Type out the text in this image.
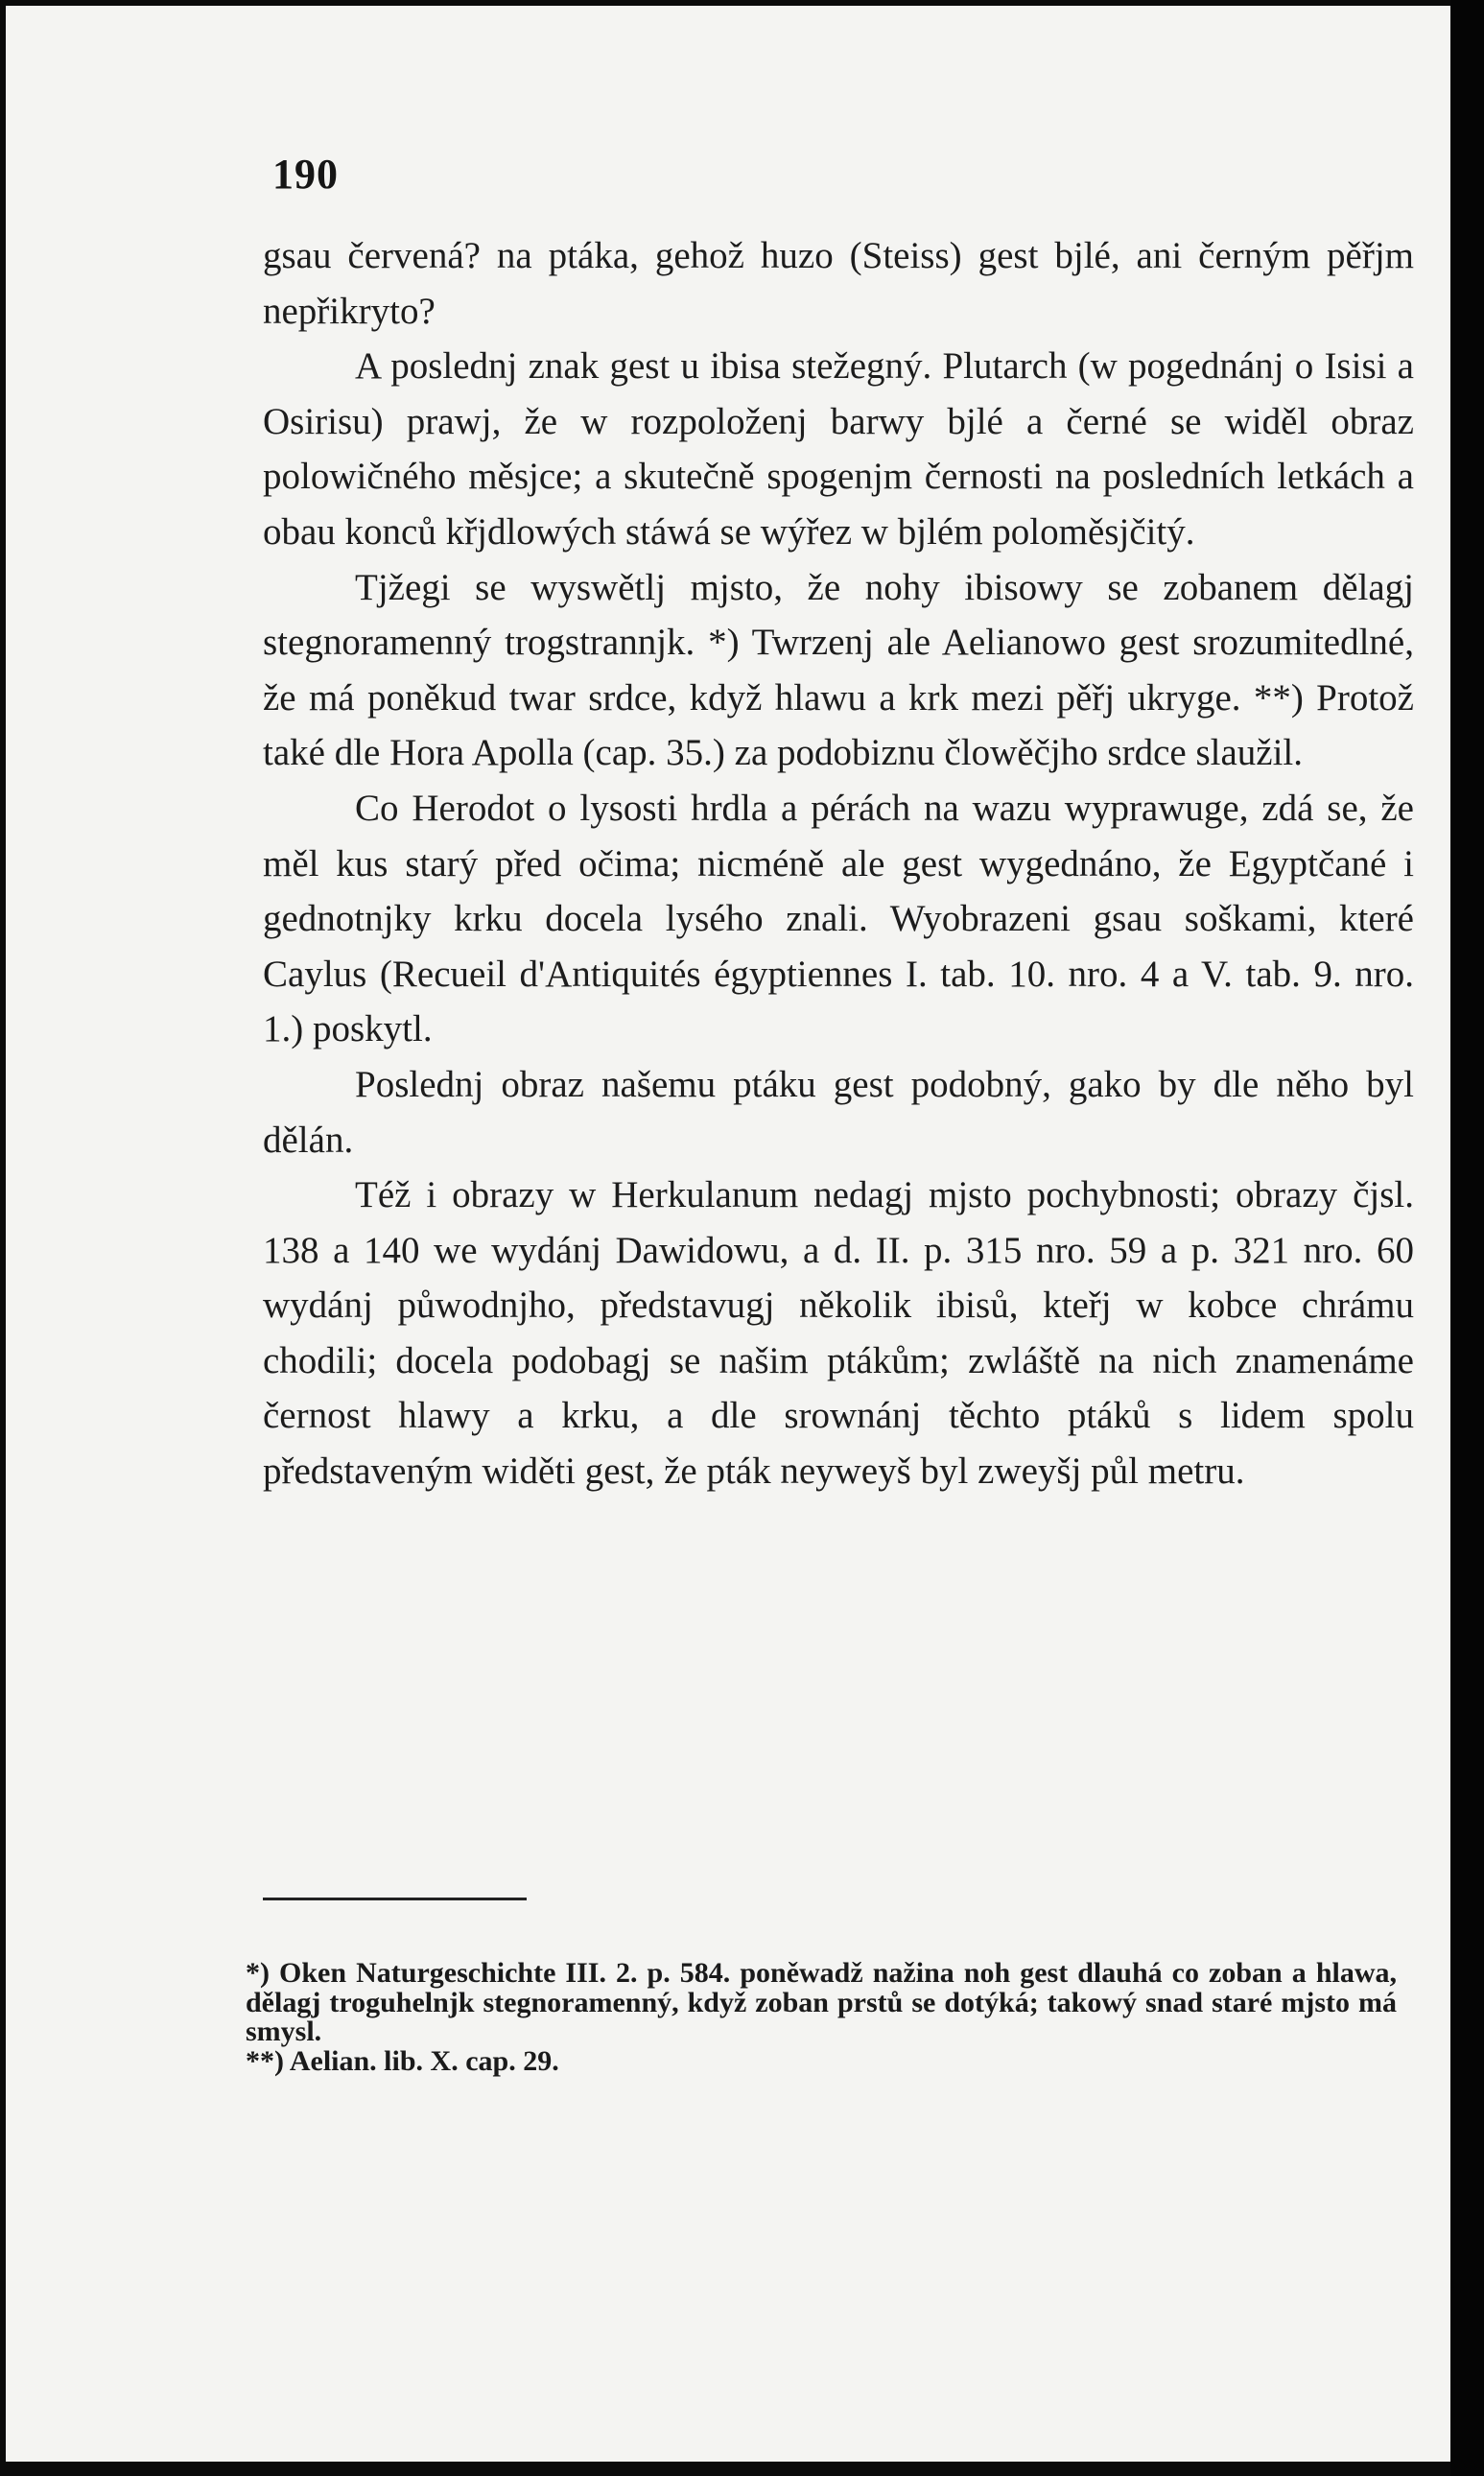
190

gsau červená? na ptáka, gehož huzo (Steiss) gest bjlé, ani černým pěřjm nepřikryto?

A poslednj znak gest u ibisa stežegný. Plutarch (w pogednánj o Isisi a Osirisu) prawj, že w rozpoloženj barwy bjlé a černé se widěl obraz polowičného měsjce; a skutečně spogenjm černosti na posledních letkách a obau konců křjdlowých stáwá se wýřez w bjlém poloměsjčitý.

Tjžegi se wyswětlj mjsto, že nohy ibisowy se zobanem dělagj stegnoramenný trogstrannjk. *) Twrzenj ale Aelianowo gest srozumitedlné, že má poněkud twar srdce, když hlawu a krk mezi pěřj ukryge. **) Protož také dle Hora Apolla (cap. 35.) za podobiznu člowěčjho srdce slaužil.

Co Herodot o lysosti hrdla a pérách na wazu wyprawuge, zdá se, že měl kus starý před očima; nicméně ale gest wygednáno, že Egyptčané i gednotnjky krku docela lysého znali. Wyobrazeni gsau soškami, které Caylus (Recueil d'Antiquités égyptiennes I. tab. 10. nro. 4 a V. tab. 9. nro. 1.) poskytl.

Poslednj obraz našemu ptáku gest podobný, gako by dle něho byl dělán.

Též i obrazy w Herkulanum nedagj mjsto pochybnosti; obrazy čjsl. 138 a 140 we wydánj Dawidowu, a d. II. p. 315 nro. 59 a p. 321 nro. 60 wydánj půwodnjho, představugj několik ibisů, kteřj w kobce chrámu chodili; docela podobagj se našim ptákům; zwláště na nich znamenáme černost hlawy a krku, a dle srownánj těchto ptáků s lidem spolu představeným widěti gest, že pták neyweyš byl zweyšj půl metru.

*) Oken Naturgeschichte III. 2. p. 584. poněwadž nažina noh gest dlauhá co zoban a hlawa, dělagj troguhelnjk stegnoramenný, když zoban prstů se dotýká; takowý snad staré mjsto má smysl.

**) Aelian. lib. X. cap. 29.
